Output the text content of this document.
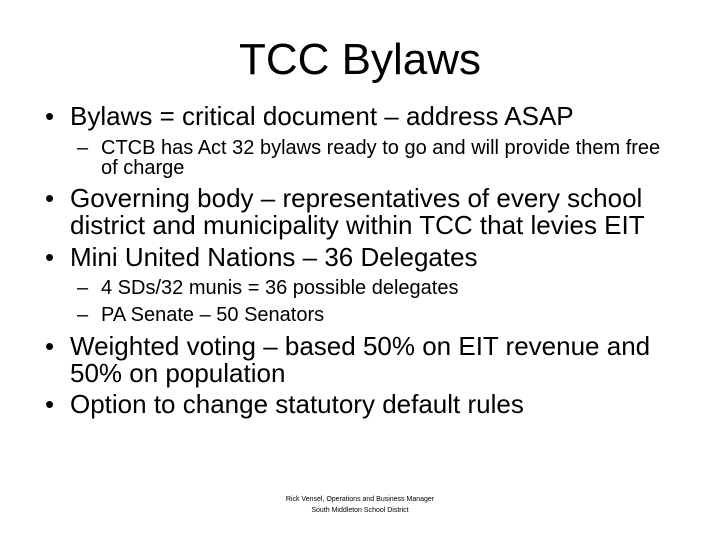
TCC Bylaws
• Bylaws = critical document – address ASAP
– CTCB has Act 32 bylaws ready to go and will provide them free of charge
• Governing body – representatives of every school district and municipality within TCC that levies EIT
• Mini United Nations – 36 Delegates
– 4 SDs/32 munis = 36 possible delegates
– PA Senate – 50 Senators
• Weighted voting – based 50% on EIT revenue and 50% on population
• Option to change statutory default rules
Rick Vensel, Operations and Business Manager
South Middleton School District
